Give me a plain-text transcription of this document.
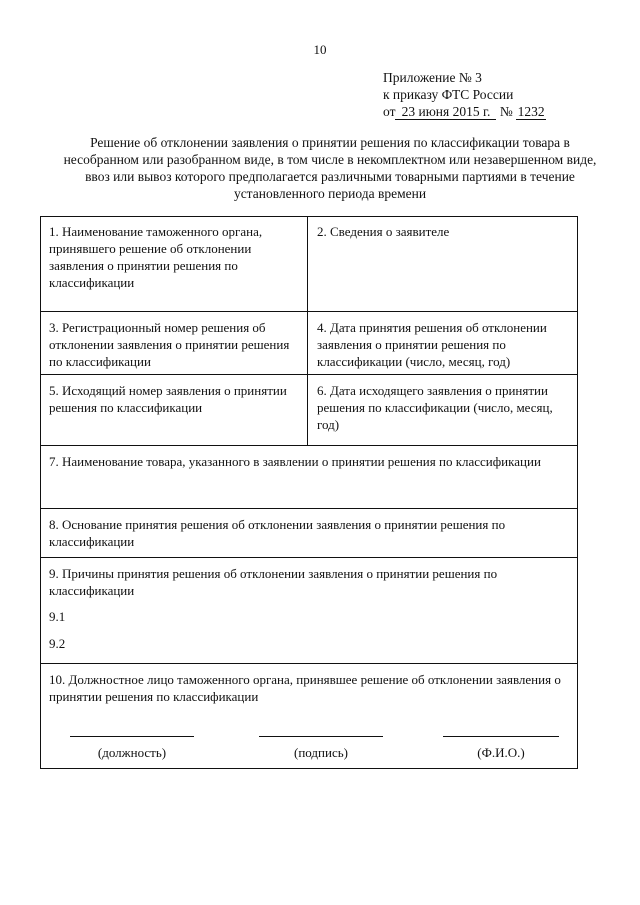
10
Приложение № 3
к приказу ФТС России
от 23 июня 2015 г. № 1232
Решение об отклонении заявления о принятии решения по классификации товара в несобранном или разобранном виде, в том числе в некомплектном или незавершенном виде, ввоз или вывоз которого предполагается различными товарными партиями в течение установленного периода времени
1. Наименование таможенного органа, принявшего решение об отклонении заявления о принятии решения по классификации
2. Сведения о заявителе
3. Регистрационный номер решения об отклонении заявления о принятии решения по классификации
4. Дата принятия решения об отклонении заявления о принятии решения по классификации (число, месяц, год)
5. Исходящий номер заявления о принятии решения по классификации
6. Дата исходящего заявления о принятии решения по классификации (число, месяц, год)
7. Наименование товара, указанного в заявлении о принятии решения по классификации
8. Основание принятия решения об отклонении заявления о принятии решения по классификации
9. Причины принятия решения об отклонении заявления о принятии решения по классификации
9.1
9.2
10. Должностное лицо таможенного органа, принявшее решение об отклонении заявления о принятии решения по классификации
(должность)	(подпись)	(Ф.И.О.)
